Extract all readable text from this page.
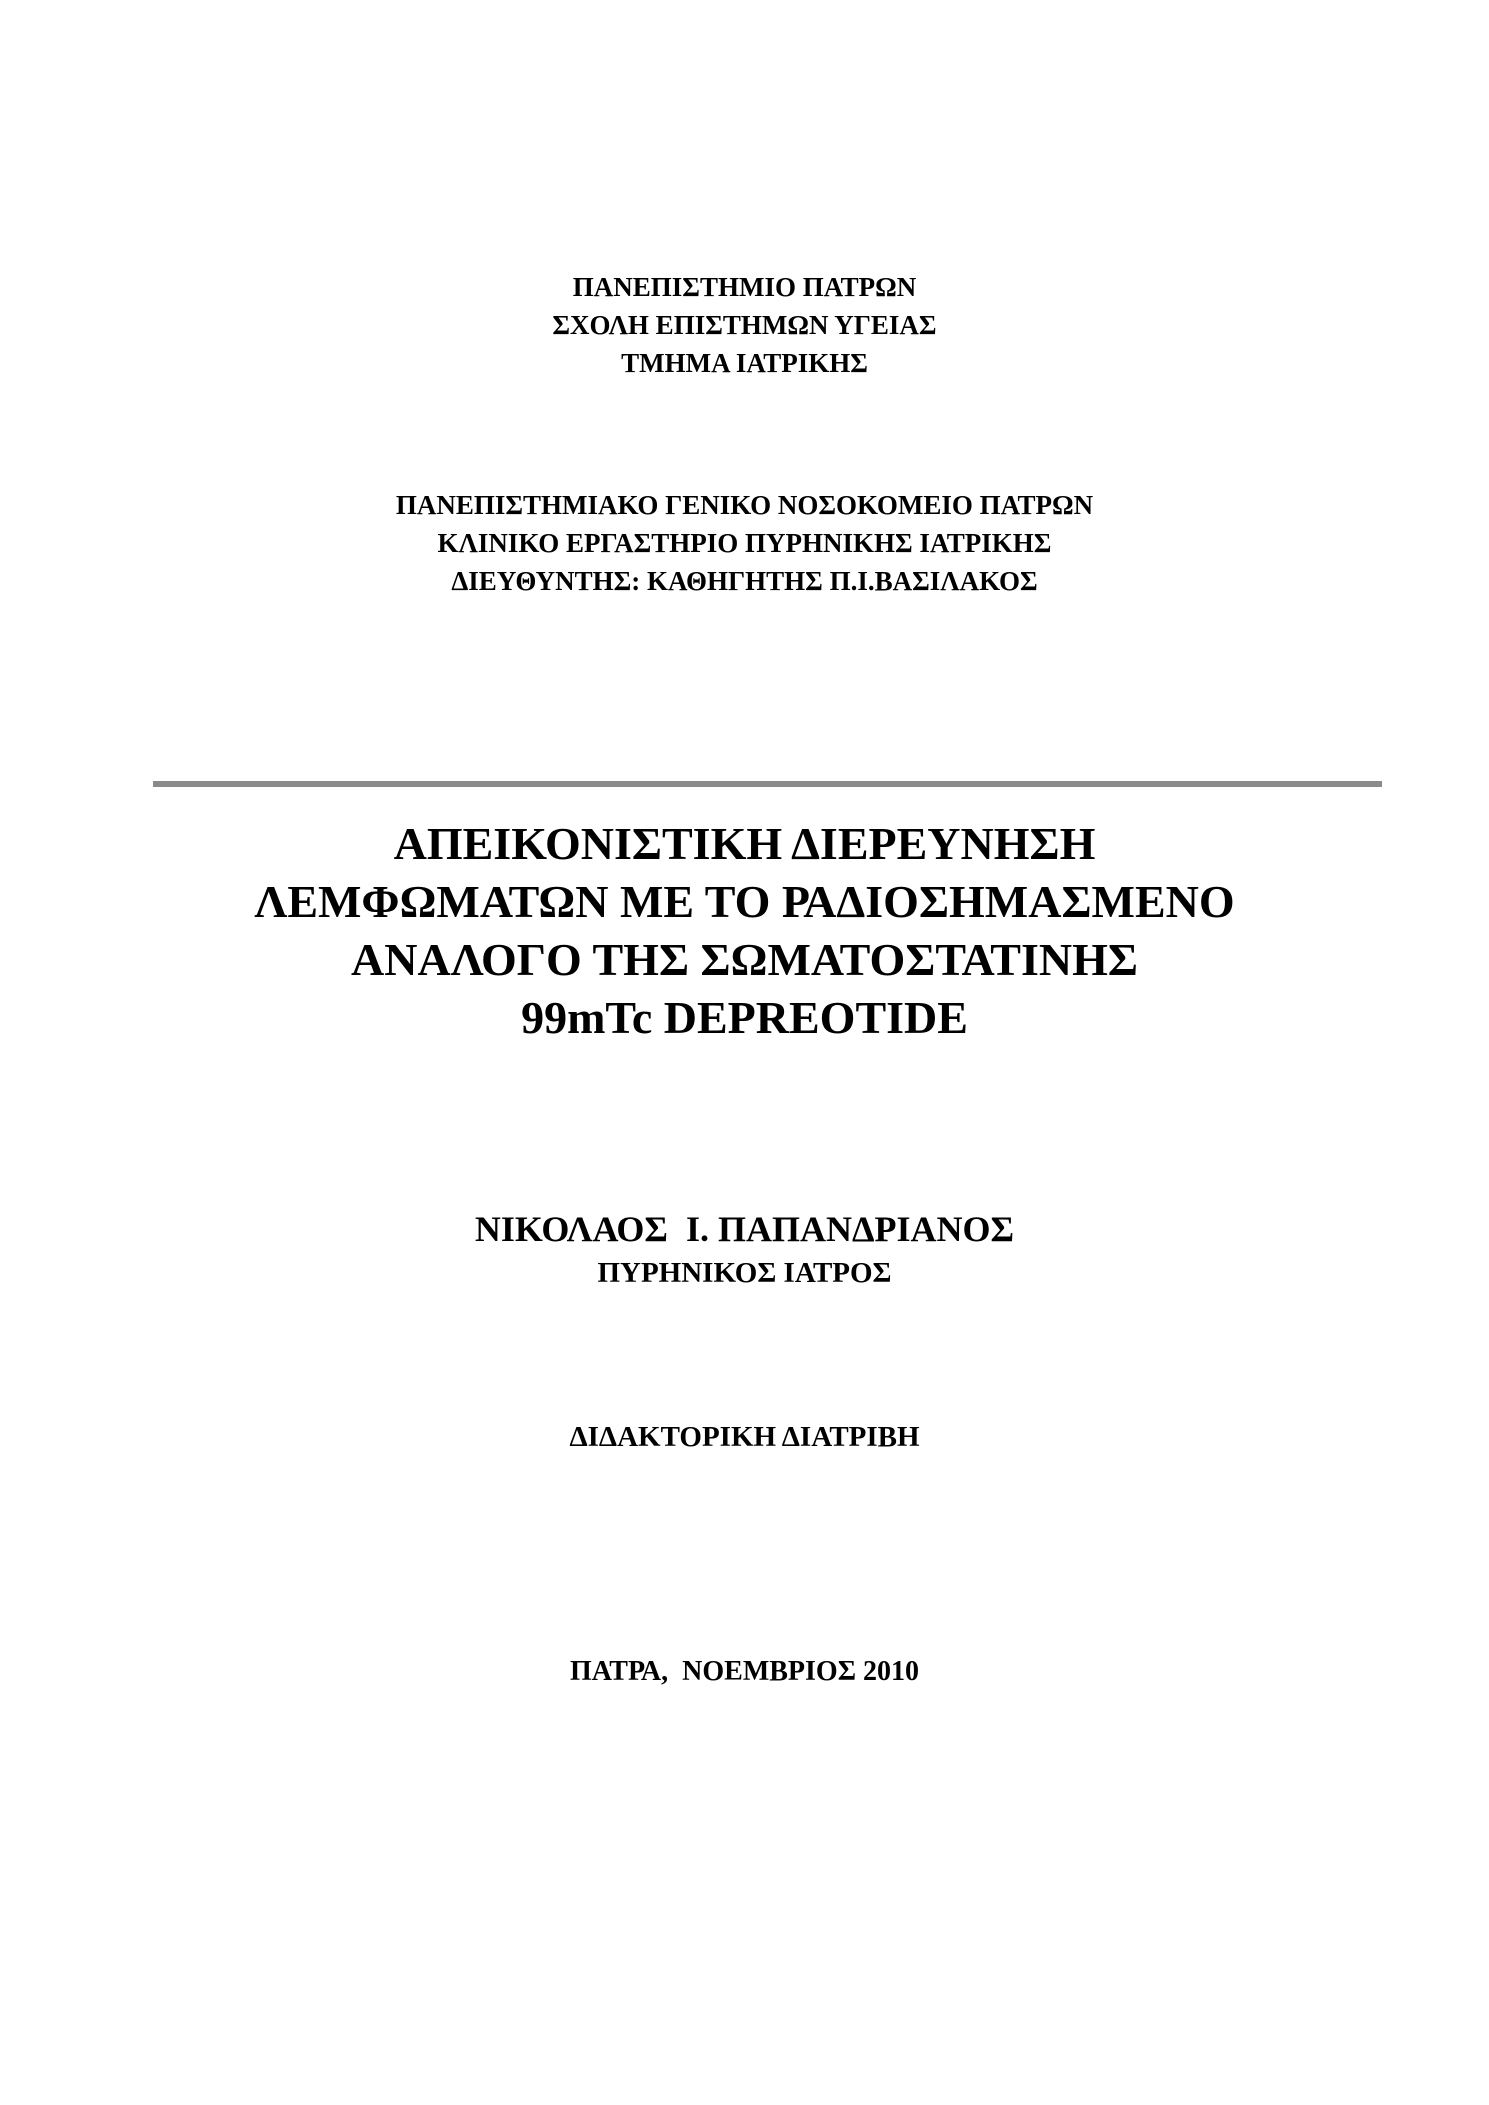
ΠΑΝΕΠΙΣΤΗΜΙΟ ΠΑΤΡΩΝ
ΣΧΟΛΗ ΕΠΙΣΤΗΜΩΝ ΥΓΕΙΑΣ
ΤΜΗΜΑ ΙΑΤΡΙΚΗΣ
ΠΑΝΕΠΙΣΤΗΜΙΑΚΟ ΓΕΝΙΚΟ ΝΟΣΟΚΟΜΕΙΟ ΠΑΤΡΩΝ
ΚΛΙΝΙΚΟ ΕΡΓΑΣΤΗΡΙΟ ΠΥΡΗΝΙΚΗΣ ΙΑΤΡΙΚΗΣ
ΔΙΕΥΘΥΝΤΗΣ: ΚΑΘΗΓΗΤΗΣ Π.Ι.ΒΑΣΙΛΑΚΟΣ
ΑΠΕΙΚΟΝΙΣΤΙΚΗ ΔΙΕΡΕΥΝΗΣΗ
ΛΕΜΦΩΜΑΤΩΝ ΜΕ ΤΟ ΡΑΔΙΟΣΗΜΑΣΜΕΝΟ
ΑΝΑΛΟΓΟ ΤΗΣ ΣΩΜΑΤΟΣΤΑΤΙΝΗΣ
99mTc DEPREOTIDE
ΝΙΚΟΛΑΟΣ  Ι. ΠΑΠΑΝΔΡΙΑΝΟΣ
ΠΥΡΗΝΙΚΟΣ ΙΑΤΡΟΣ
ΔΙΔΑΚΤΟΡΙΚΗ ΔΙΑΤΡΙΒΗ
ΠΑΤΡΑ,  ΝΟΕΜΒΡΙΟΣ 2010
